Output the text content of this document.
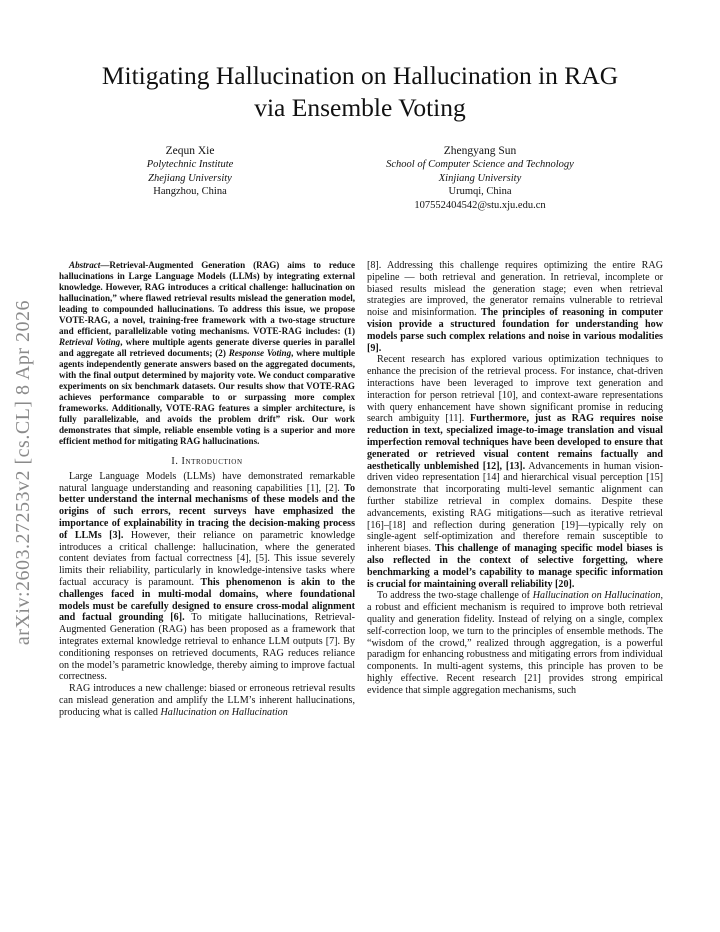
arXiv:2603.27253v2 [cs.CL] 8 Apr 2026
Mitigating Hallucination on Hallucination in RAG
via Ensemble Voting
Zequn Xie
Polytechnic Institute
Zhejiang University
Hangzhou, China
Zhengyang Sun
School of Computer Science and Technology
Xinjiang University
Urumqi, China
107552404542@stu.xju.edu.cn

Abstract—Retrieval-Augmented Generation (RAG) aims to reduce hallucinations in Large Language Models (LLMs) by integrating external knowledge. However, RAG introduces a critical challenge: hallucination on hallucination,” where flawed retrieval results mislead the generation model, leading to compounded hallucinations. To address this issue, we propose VOTE-RAG, a novel, training-free framework with a two-stage structure and efficient, parallelizable voting mechanisms. VOTE-RAG includes: (1) Retrieval Voting, where multiple agents generate diverse queries in parallel and aggregate all retrieved documents; (2) Response Voting, where multiple agents independently generate answers based on the aggregated documents, with the final output determined by majority vote. We conduct comparative experiments on six benchmark datasets. Our results show that VOTE-RAG achieves performance comparable to or surpassing more complex frameworks. Additionally, VOTE-RAG features a simpler architecture, is fully parallelizable, and avoids the problem drift” risk. Our work demonstrates that simple, reliable ensemble voting is a superior and more efficient method for mitigating RAG hallucinations.

I. Introduction

Large Language Models (LLMs) have demonstrated remarkable natural language understanding and reasoning capabilities [1], [2]. To better understand the internal mechanisms of these models and the origins of such errors, recent surveys have emphasized the importance of explainability in tracing the decision-making process of LLMs [3]. However, their reliance on parametric knowledge introduces a critical challenge: hallucination, where the generated content deviates from factual correctness [4], [5]. This issue severely limits their reliability, particularly in knowledge-intensive tasks where factual accuracy is paramount. This phenomenon is akin to the challenges faced in multi-modal domains, where foundational models must be carefully designed to ensure cross-modal alignment and factual grounding [6]. To mitigate hallucinations, Retrieval-Augmented Generation (RAG) has been proposed as a framework that integrates external knowledge retrieval to enhance LLM outputs [7]. By conditioning responses on retrieved documents, RAG reduces reliance on the model’s parametric knowledge, thereby aiming to improve factual correctness.

RAG introduces a new challenge: biased or erroneous retrieval results can mislead generation and amplify the LLM’s inherent hallucinations, producing what is called Hallucination on Hallucination

[8]. Addressing this challenge requires optimizing the entire RAG pipeline — both retrieval and generation. In retrieval, incomplete or biased results mislead the generation stage; even when retrieval strategies are improved, the generator remains vulnerable to retrieval noise and misinformation. The principles of reasoning in computer vision provide a structured foundation for understanding how models parse such complex relations and noise in various modalities [9].

Recent research has explored various optimization techniques to enhance the precision of the retrieval process. For instance, chat-driven interactions have been leveraged to improve text generation and interaction for person retrieval [10], and context-aware representations with query enhancement have shown significant promise in reducing search ambiguity [11]. Furthermore, just as RAG requires noise reduction in text, specialized image-to-image translation and visual imperfection removal techniques have been developed to ensure that generated or retrieved visual content remains factually and aesthetically unblemished [12], [13]. Advancements in human vision-driven video representation [14] and hierarchical visual perception [15] demonstrate that incorporating multi-level semantic alignment can further stabilize retrieval in complex domains. Despite these advancements, existing RAG mitigations—such as iterative retrieval [16]–[18] and reflection during generation [19]—typically rely on single-agent self-optimization and therefore remain susceptible to inherent biases. This challenge of managing specific model biases is also reflected in the context of selective forgetting, where benchmarking a model’s capability to manage specific information is crucial for maintaining overall reliability [20].

To address the two-stage challenge of Hallucination on Hallucination, a robust and efficient mechanism is required to improve both retrieval quality and generation fidelity. Instead of relying on a single, complex self-correction loop, we turn to the principles of ensemble methods. The “wisdom of the crowd,” realized through aggregation, is a powerful paradigm for enhancing robustness and mitigating errors from individual components. In multi-agent systems, this principle has proven to be highly effective. Recent research [21] provides strong empirical evidence that simple aggregation mechanisms, such
